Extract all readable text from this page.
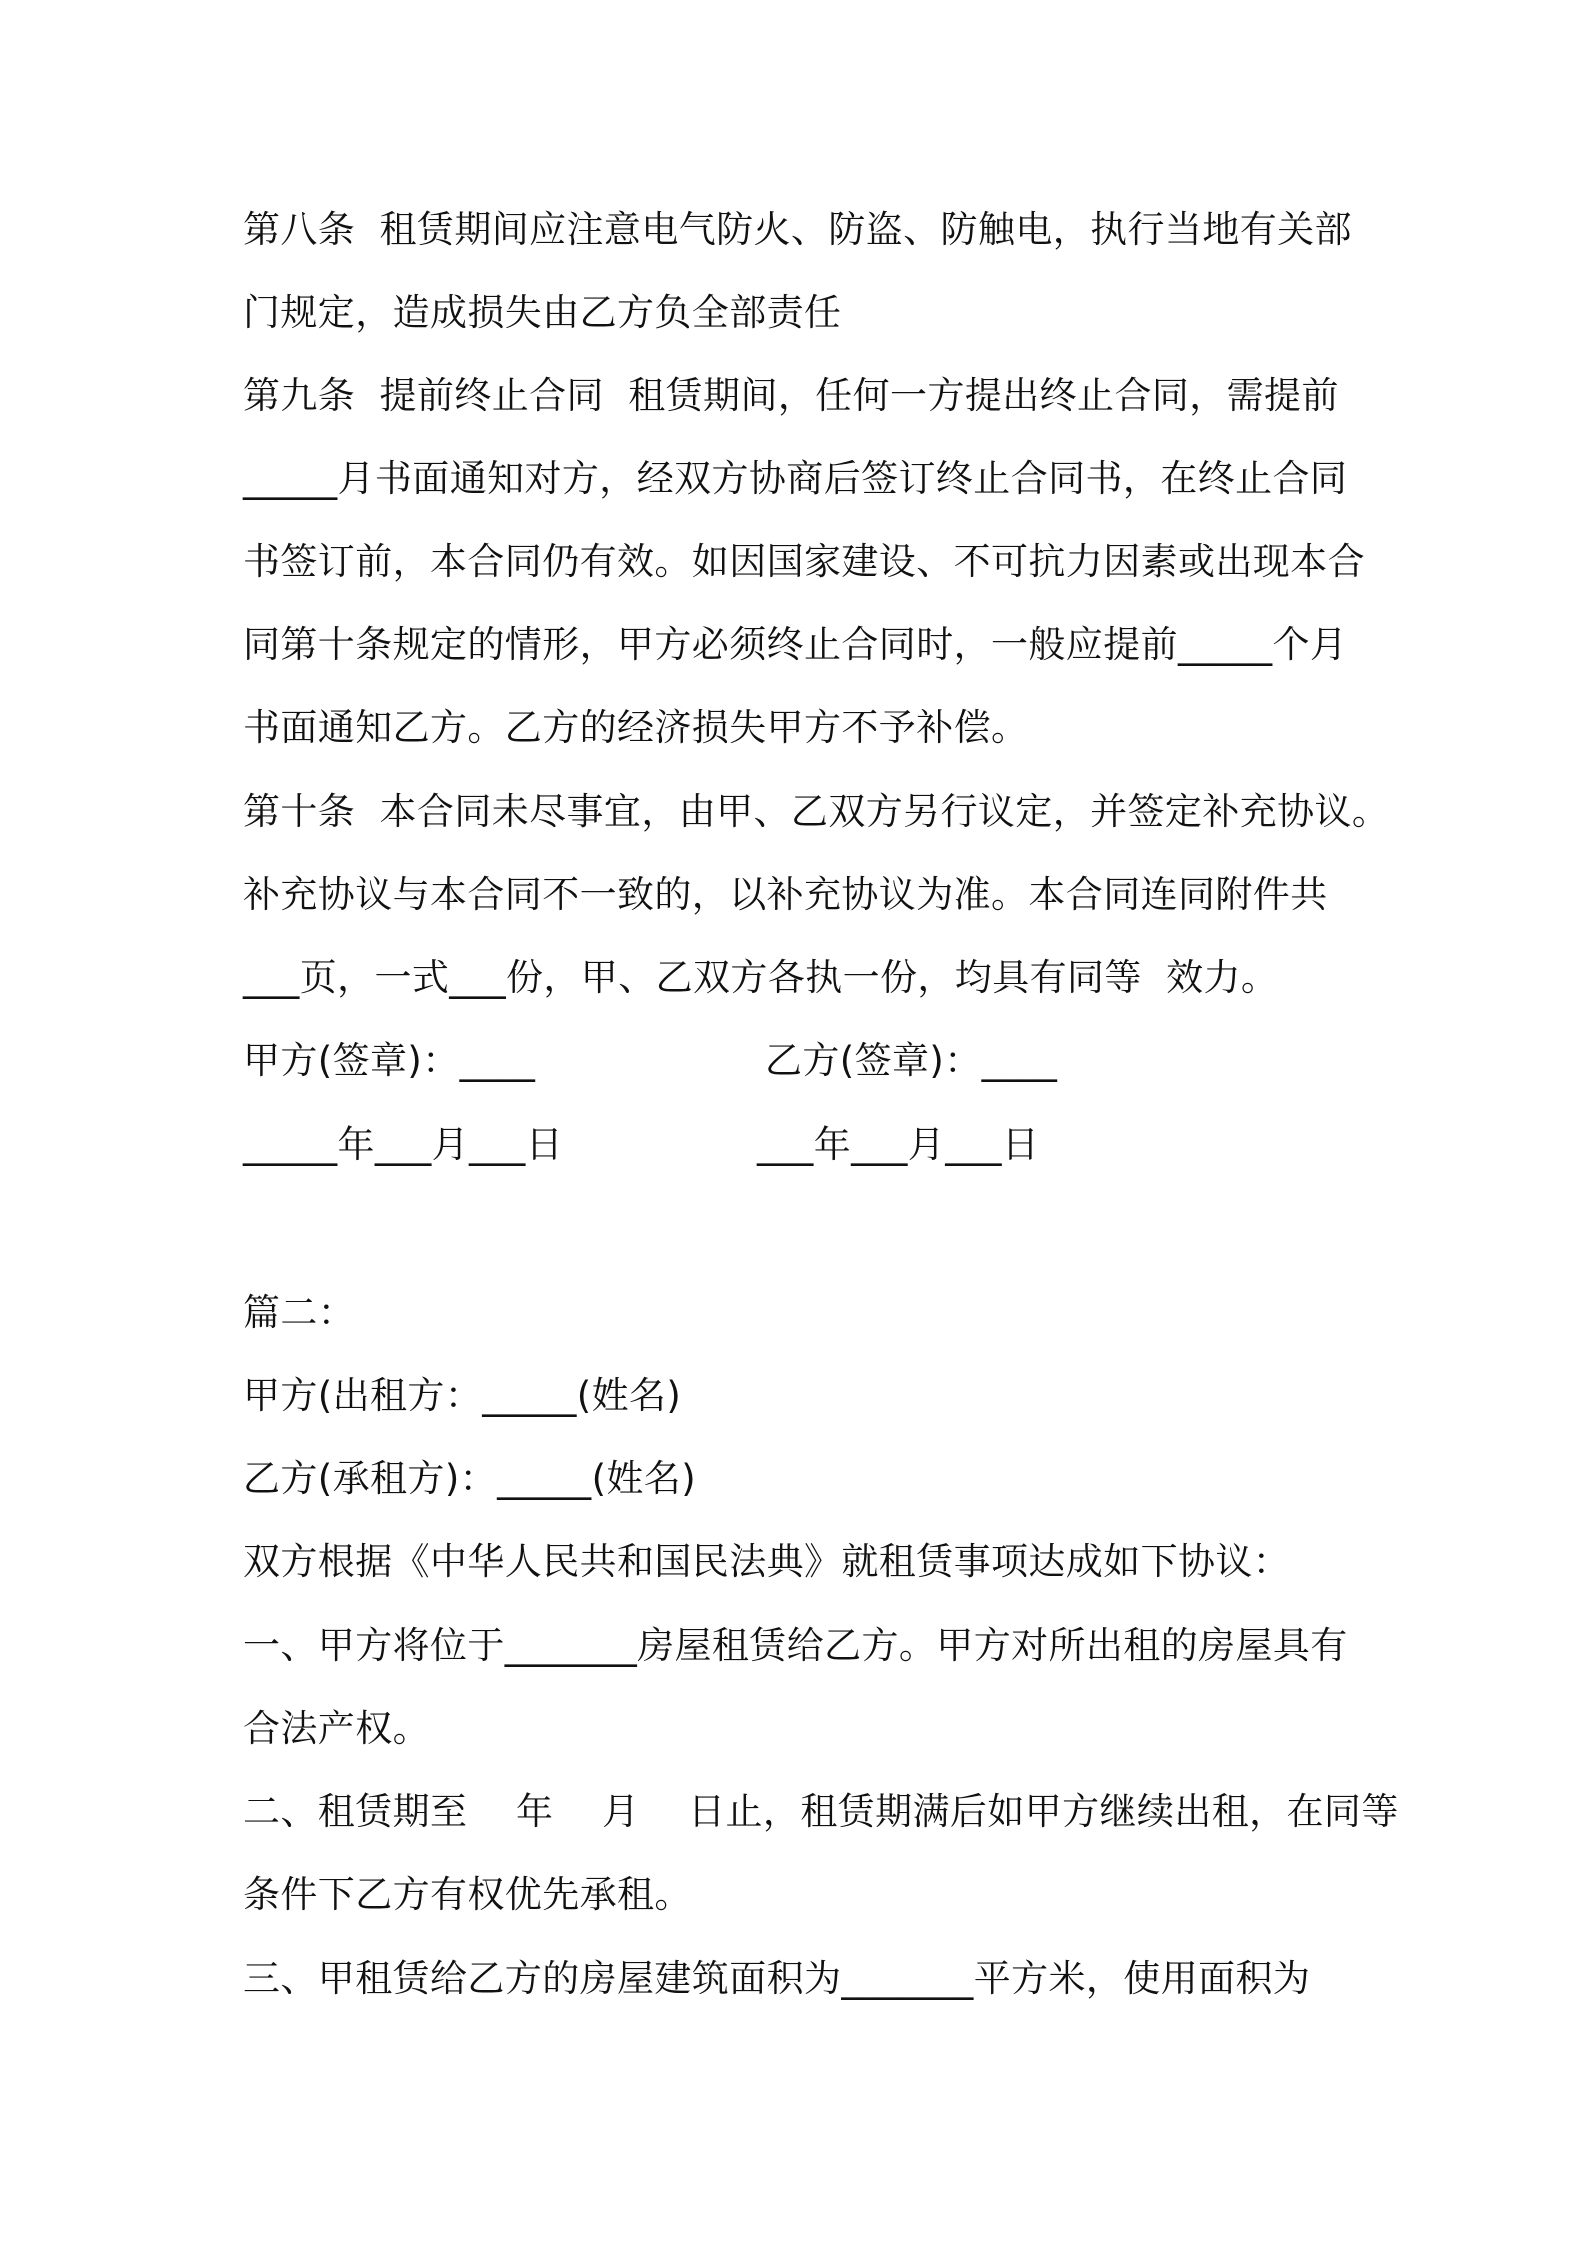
第八条  租赁期间应注意电气防火、防盗、防触电，执行当地有关部
门规定，造成损失由乙方负全部责任
第九条  提前终止合同  租赁期间，任何一方提出终止合同，需提前
_____月书面通知对方，经双方协商后签订终止合同书，在终止合同
书签订前，本合同仍有效。如因国家建设、不可抗力因素或出现本合
同第十条规定的情形，甲方必须终止合同时，一般应提前_____个月
书面通知乙方。乙方的经济损失甲方不予补偿。
第十条  本合同未尽事宜，由甲、乙双方另行议定，并签定补充协议。
补充协议与本合同不一致的，以补充协议为准。本合同连同附件共
___页，一式___份，甲、乙双方各执一份，均具有同等  效力。
甲方(签章)：____	乙方(签章)：____
_____年___月___日	___年___月___日
篇二：
甲方(出租方：_____(姓名)
乙方(承租方)：_____(姓名)
双方根据《中华人民共和国民法典》就租赁事项达成如下协议：
一、甲方将位于_______房屋租赁给乙方。甲方对所出租的房屋具有
合法产权。
二、租赁期至    年    月    日止，租赁期满后如甲方继续出租，在同等
条件下乙方有权优先承租。
三、甲租赁给乙方的房屋建筑面积为_______平方米，使用面积为
